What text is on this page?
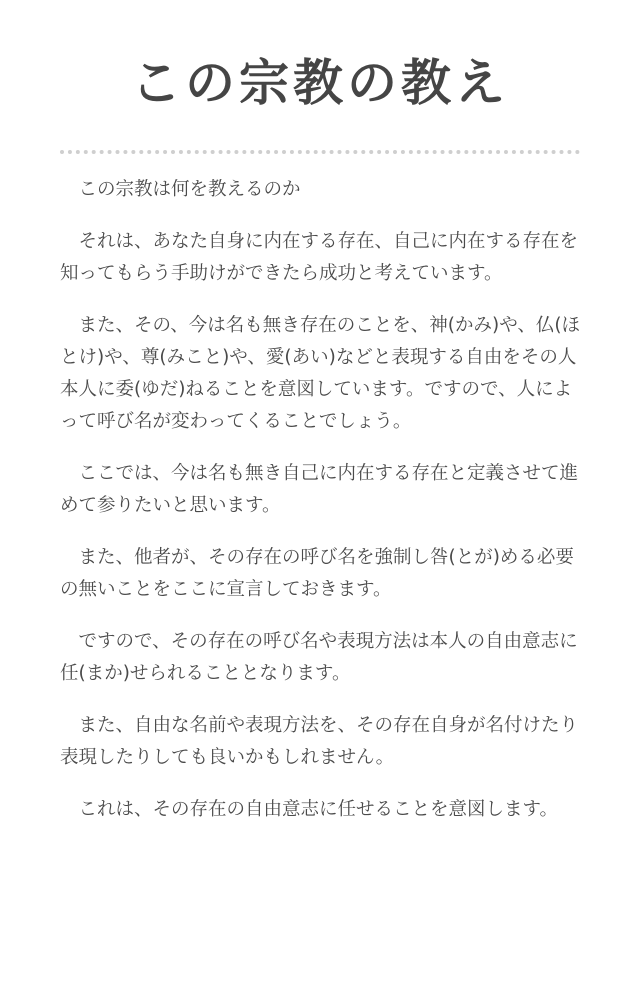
この宗教の教え

この宗教は何を教えるのか

それは、あなた自身に内在する存在、自己に内在する存在を知ってもらう手助けができたら成功と考えています。

また、その、今は名も無き存在のことを、神(かみ)や、仏(ほとけ)や、尊(みこと)や、愛(あい)などと表現する自由をその人本人に委(ゆだ)ねることを意図しています。ですので、人によって呼び名が変わってくることでしょう。

ここでは、今は名も無き自己に内在する存在と定義させて進めて参りたいと思います。

また、他者が、その存在の呼び名を強制し咎(とが)める必要の無いことをここに宣言しておきます。

ですので、その存在の呼び名や表現方法は本人の自由意志に任(まか)せられることとなります。

また、自由な名前や表現方法を、その存在自身が名付けたり表現したりしても良いかもしれません。

これは、その存在の自由意志に任せることを意図します。
